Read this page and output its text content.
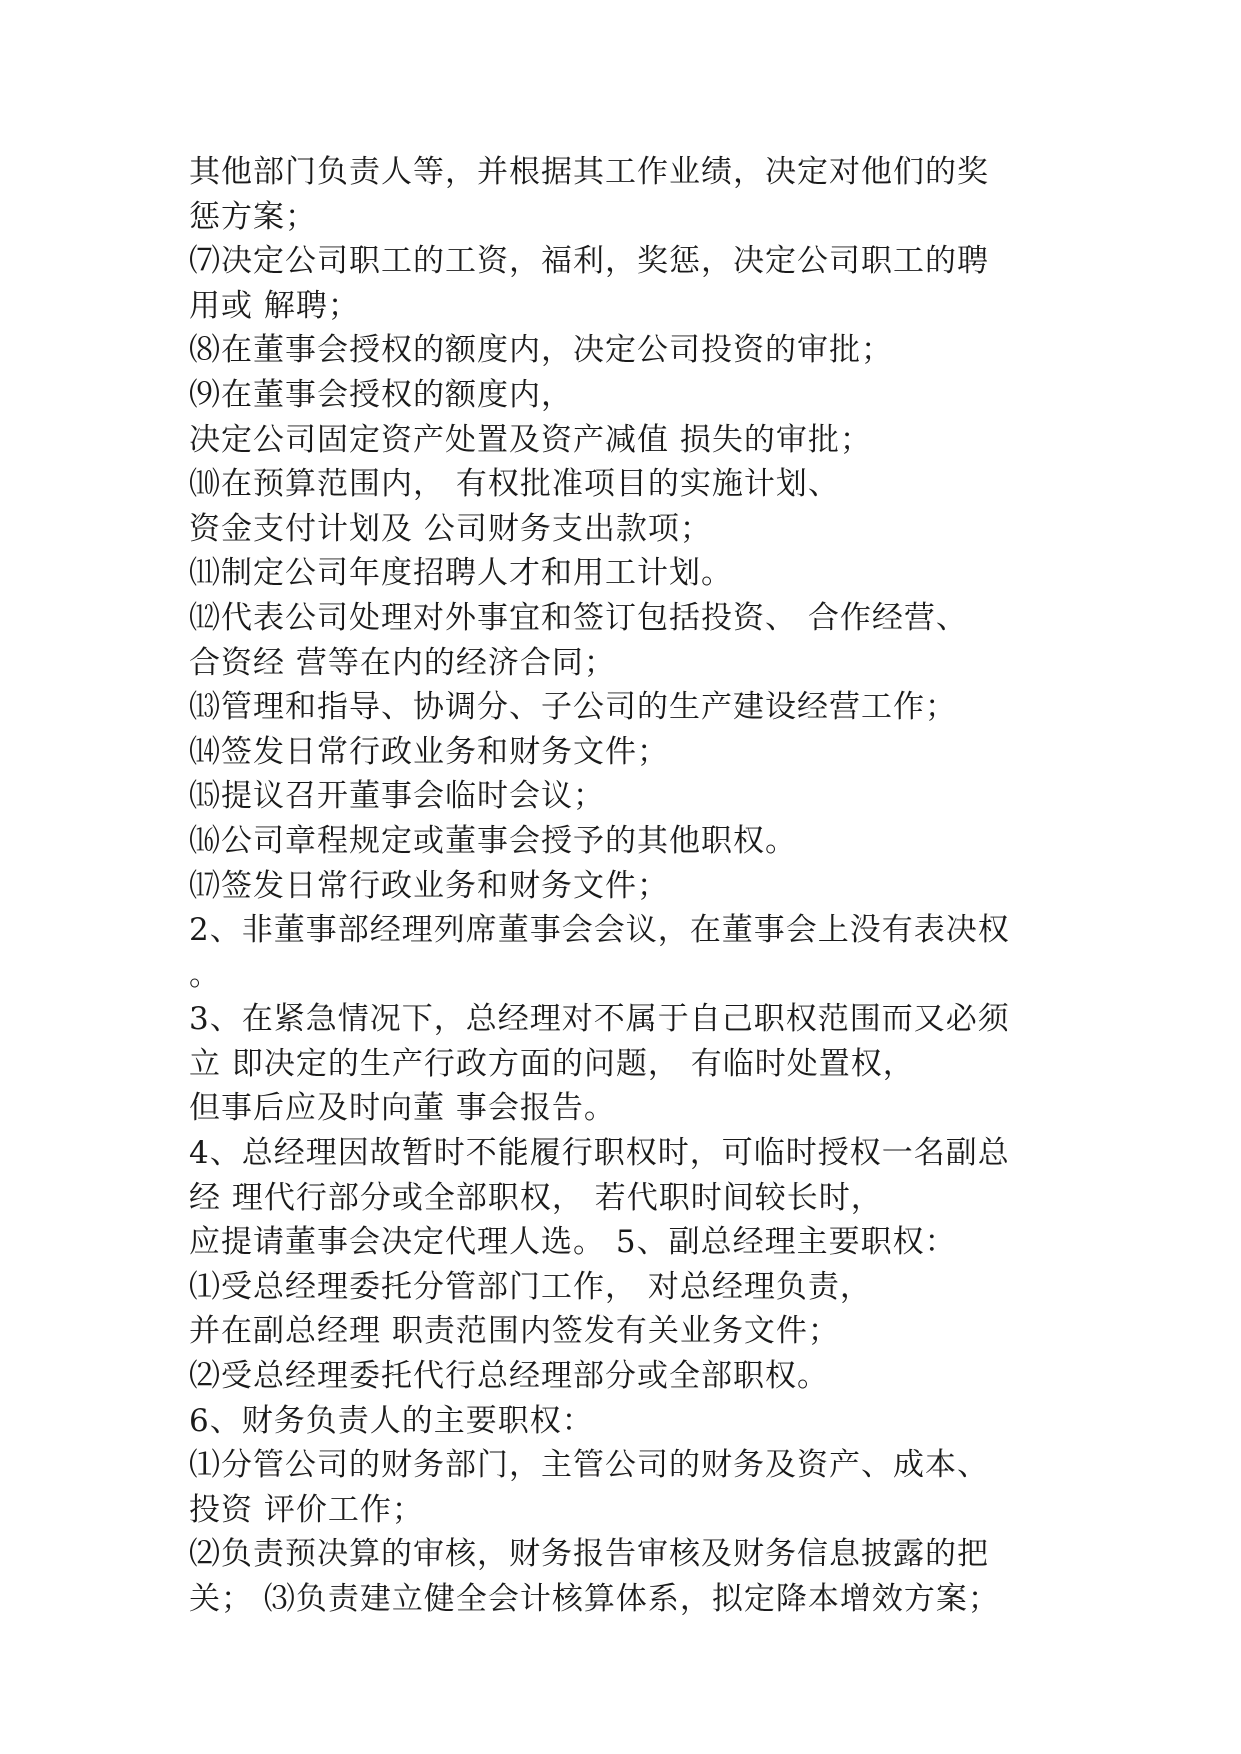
其他部门负责人等，并根据其工作业绩，决定对他们的奖
惩方案；
⑺决定公司职工的工资，福利，奖惩，决定公司职工的聘
用或 解聘；
⑻在董事会授权的额度内，决定公司投资的审批；
⑼在董事会授权的额度内，
决定公司固定资产处置及资产减值 损失的审批；
⑽在预算范围内， 有权批准项目的实施计划、
资金支付计划及 公司财务支出款项；
⑾制定公司年度招聘人才和用工计划。
⑿代表公司处理对外事宜和签订包括投资、 合作经营、
合资经 营等在内的经济合同；
⒀管理和指导、协调分、子公司的生产建设经营工作；
⒁签发日常行政业务和财务文件；
⒂提议召开董事会临时会议；
⒃公司章程规定或董事会授予的其他职权。
⒄签发日常行政业务和财务文件；
2、非董事部经理列席董事会会议，在董事会上没有表决权
。
3、在紧急情况下，总经理对不属于自己职权范围而又必须
立 即决定的生产行政方面的问题， 有临时处置权，
但事后应及时向董 事会报告。
4、总经理因故暂时不能履行职权时，可临时授权一名副总
经 理代行部分或全部职权， 若代职时间较长时，
应提请董事会决定代理人选。 5、副总经理主要职权：
⑴受总经理委托分管部门工作， 对总经理负责，
并在副总经理 职责范围内签发有关业务文件；
⑵受总经理委托代行总经理部分或全部职权。
6、财务负责人的主要职权：
⑴分管公司的财务部门，主管公司的财务及资产、成本、
投资 评价工作；
⑵负责预决算的审核，财务报告审核及财务信息披露的把
关； ⑶负责建立健全会计核算体系，拟定降本增效方案；
